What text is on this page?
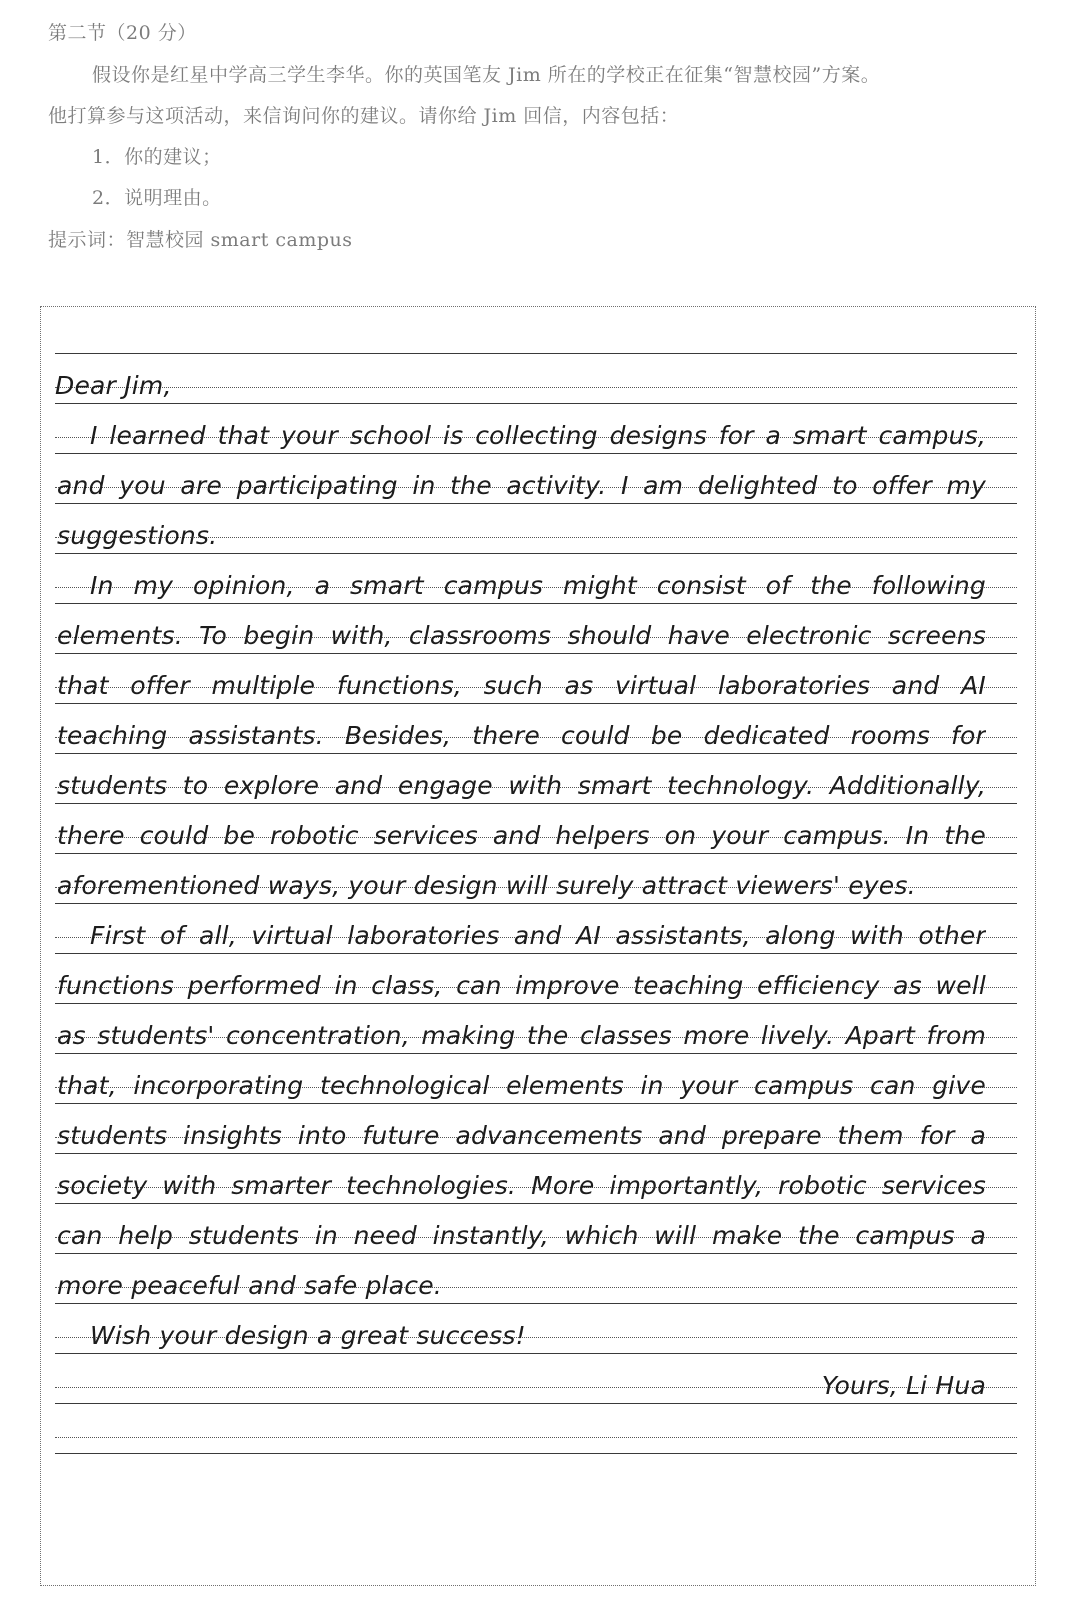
第二节（20 分）
假设你是红星中学高三学生李华。你的英国笔友 Jim 所在的学校正在征集“智慧校园”方案。
他打算参与这项活动，来信询问你的建议。请你给 Jim 回信，内容包括：
1．你的建议；
2．说明理由。
提示词：智慧校园 smart campus
Dear Jim,
I learned that your school is collecting designs for a smart campus,
and you are participating in the activity. I am delighted to offer my
suggestions.
In my opinion, a smart campus might consist of the following
elements. To begin with, classrooms should have electronic screens
that offer multiple functions, such as virtual laboratories and AI
teaching assistants. Besides, there could be dedicated rooms for
students to explore and engage with smart technology. Additionally,
there could be robotic services and helpers on your campus. In the
aforementioned ways, your design will surely attract viewers' eyes.
First of all, virtual laboratories and AI assistants, along with other
functions performed in class, can improve teaching efficiency as well
as students' concentration, making the classes more lively. Apart from
that, incorporating technological elements in your campus can give
students insights into future advancements and prepare them for a
society with smarter technologies. More importantly, robotic services
can help students in need instantly, which will make the campus a
more peaceful and safe place.
Wish your design a great success!
Yours, Li Hua
